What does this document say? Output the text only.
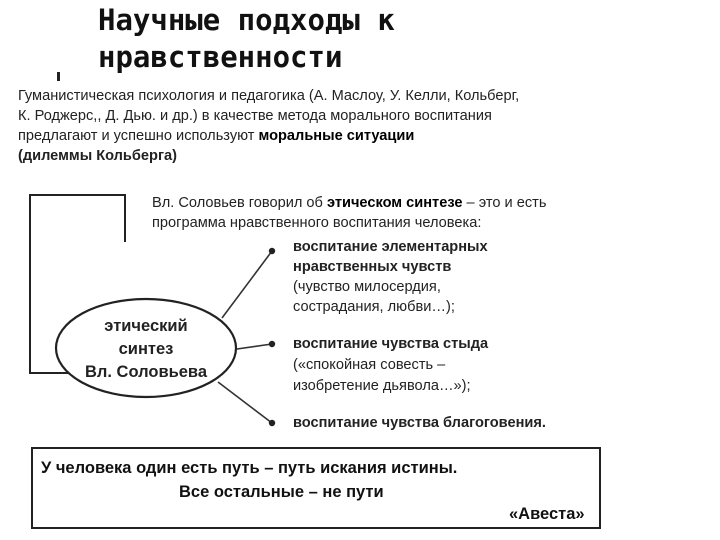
Научные подходы к
нравственности
Гуманистическая психология и педагогика (А. Маслоу, У. Келли, Кольберг,
К. Роджерс,, Д. Дью. и др.) в качестве метода морального воспитания
предлагают и успешно используют моральные ситуации
(дилеммы Кольберга)
этический
синтез
Вл. Соловьева
Вл. Соловьев говорил об этическом синтезе – это и есть
программа нравственного воспитания человека:
воспитание элементарных
нравственных чувств
(чувство милосердия,
сострадания, любви…);
воспитание чувства стыда
(«спокойная совесть –
изобретение дьявола…»);
воспитание чувства благоговения.
У человека один есть путь – путь искания истины.
Все остальные – не пути
«Авеста»
